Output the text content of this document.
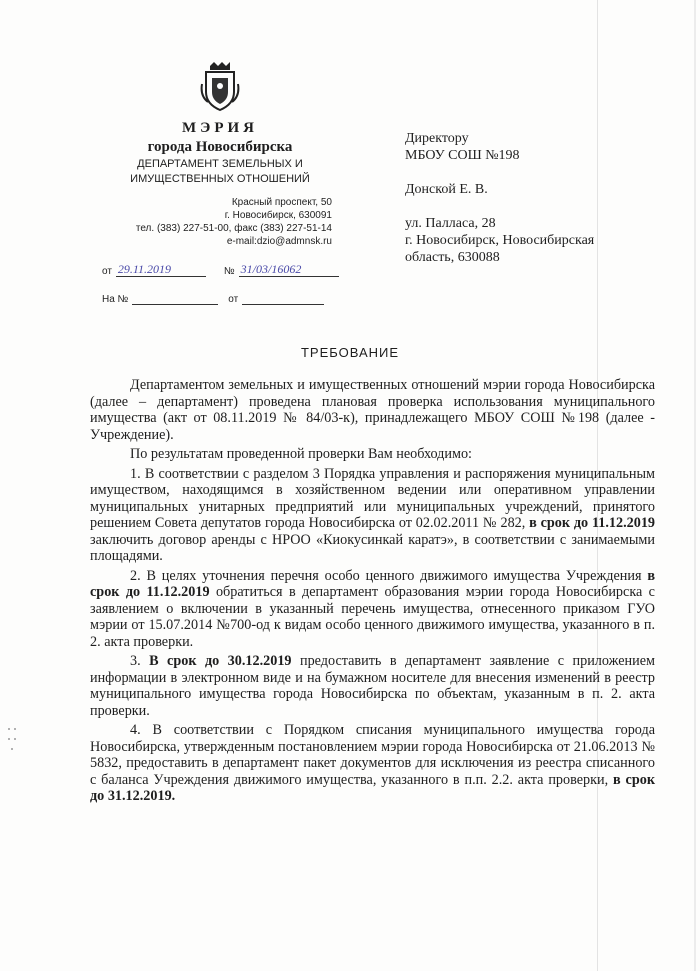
МЭРИЯ
города Новосибирска
ДЕПАРТАМЕНТ ЗЕМЕЛЬНЫХ И
ИМУЩЕСТВЕННЫХ ОТНОШЕНИЙ
Красный проспект, 50
г. Новосибирск, 630091
тел. (383) 227-51-00, факс (383) 227-51-14
e-mail:dzio@admnsk.ru
от 29.11.2019	№ 31/03/16062
На №	от

Директору

МБОУ СОШ №198

Донской Е. В.

ул. Палласа, 28

г. Новосибирск, Новосибирская

область, 630088

ТРЕБОВАНИЕ

Департаментом земельных и имущественных отношений мэрии города Новосибирска (далее – департамент) проведена плановая проверка использования муниципального имущества (акт от 08.11.2019 № 84/03-к), принадлежащего МБОУ СОШ №198 (далее - Учреждение).

По результатам проведенной проверки Вам необходимо:

1. В соответствии с разделом 3 Порядка управления и распоряжения муниципальным имуществом, находящимся в хозяйственном ведении или оперативном управлении муниципальных унитарных предприятий или муниципальных учреждений, принятого решением Совета депутатов города Новосибирска от 02.02.2011 № 282, в срок до 11.12.2019 заключить договор аренды с НРОО «Киокусинкай каратэ», в соответствии с занимаемыми площадями.

2. В целях уточнения перечня особо ценного движимого имущества Учреждения в срок до 11.12.2019 обратиться в департамент образования мэрии города Новосибирска с заявлением о включении в указанный перечень имущества, отнесенного приказом ГУО мэрии от 15.07.2014 №700-од к видам особо ценного движимого имущества, указанного в п. 2. акта проверки.

3. В срок до 30.12.2019 предоставить в департамент заявление с приложением информации в электронном виде и на бумажном носителе для внесения изменений в реестр муниципального имущества города Новосибирска по объектам, указанным в п. 2. акта проверки.

4. В соответствии с Порядком списания муниципального имущества города Новосибирска, утвержденным постановлением мэрии города Новосибирска от 21.06.2013 № 5832, предоставить в департамент пакет документов для исключения из реестра списанного с баланса Учреждения движимого имущества, указанного в п.п. 2.2. акта проверки, в срок до 31.12.2019.
